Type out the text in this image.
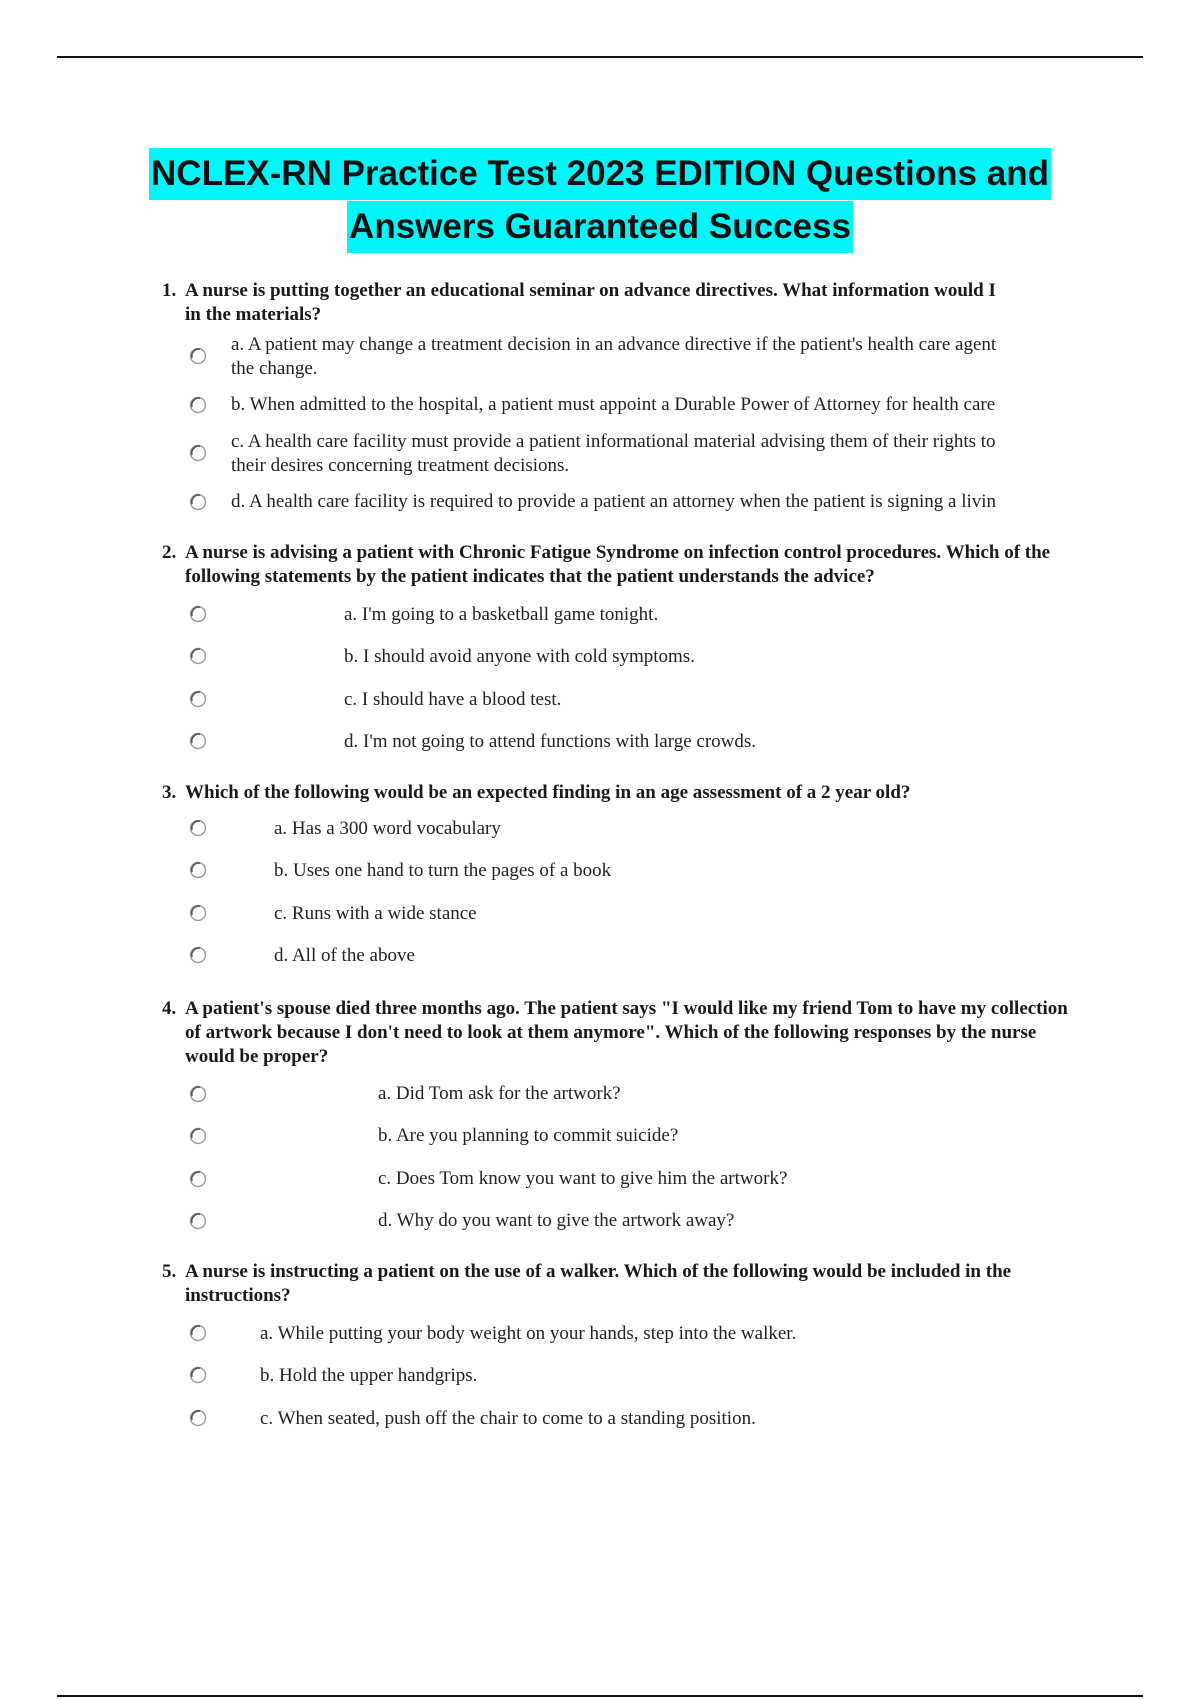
NCLEX-RN Practice Test 2023 EDITION Questions and
Answers Guaranteed Success
1. A nurse is putting together an educational seminar on advance directives. What information would I
in the materials?
a. A patient may change a treatment decision in an advance directive if the patient's health care agent
the change.
b. When admitted to the hospital, a patient must appoint a Durable Power of Attorney for health care
c. A health care facility must provide a patient informational material advising them of their rights to
their desires concerning treatment decisions.
d. A health care facility is required to provide a patient an attorney when the patient is signing a livin
2. A nurse is advising a patient with Chronic Fatigue Syndrome on infection control procedures. Which of the
following statements by the patient indicates that the patient understands the advice?
a. I'm going to a basketball game tonight.
b. I should avoid anyone with cold symptoms.
c. I should have a blood test.
d. I'm not going to attend functions with large crowds.
3. Which of the following would be an expected finding in an age assessment of a 2 year old?
a. Has a 300 word vocabulary
b. Uses one hand to turn the pages of a book
c. Runs with a wide stance
d. All of the above
4. A patient's spouse died three months ago. The patient says "I would like my friend Tom to have my collection
of artwork because I don't need to look at them anymore". Which of the following responses by the nurse
would be proper?
a. Did Tom ask for the artwork?
b. Are you planning to commit suicide?
c. Does Tom know you want to give him the artwork?
d. Why do you want to give the artwork away?
5. A nurse is instructing a patient on the use of a walker. Which of the following would be included in the
instructions?
a. While putting your body weight on your hands, step into the walker.
b. Hold the upper handgrips.
c. When seated, push off the chair to come to a standing position.
